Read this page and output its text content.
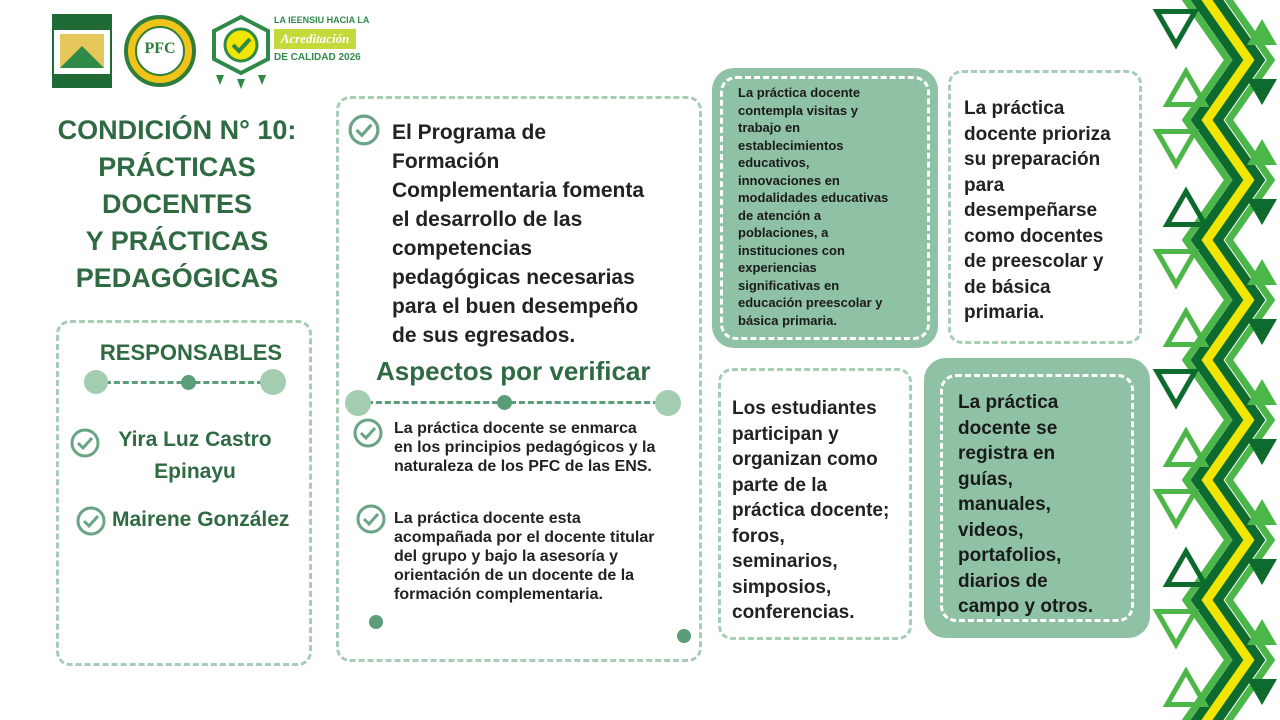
PFC
LA IEENSIU HACIA LA
Acreditación
DE CALIDAD 2026
CONDICIÓN N° 10:
PRÁCTICAS DOCENTES
Y PRÁCTICAS
PEDAGÓGICAS
RESPONSABLES
Yira Luz Castro
Epinayu
Mairene González
El Programa de
Formación
Complementaria fomenta
el desarrollo de las
competencias
pedagógicas necesarias
para el buen desempeño
de sus egresados.
Aspectos por verificar
La práctica docente se enmarca
en los principios pedagógicos y la
naturaleza de los PFC de las ENS.
La práctica docente esta
acompañada por el docente titular
del grupo y bajo la asesoría y
orientación de un docente de la
formación complementaria.
La práctica docente
contempla visitas y
trabajo en
establecimientos
educativos,
innovaciones en
modalidades educativas
de atención a
poblaciones, a
instituciones con
experiencias
significativas en
educación preescolar y
básica primaria.
La práctica
docente prioriza
su preparación
para
desempeñarse
como docentes
de preescolar y
de básica
primaria.
Los estudiantes
participan y
organizan como
parte de la
práctica docente;
foros,
seminarios,
simposios,
conferencias.
La práctica
docente se
registra en
guías,
manuales,
videos,
portafolios,
diarios de
campo y otros.
